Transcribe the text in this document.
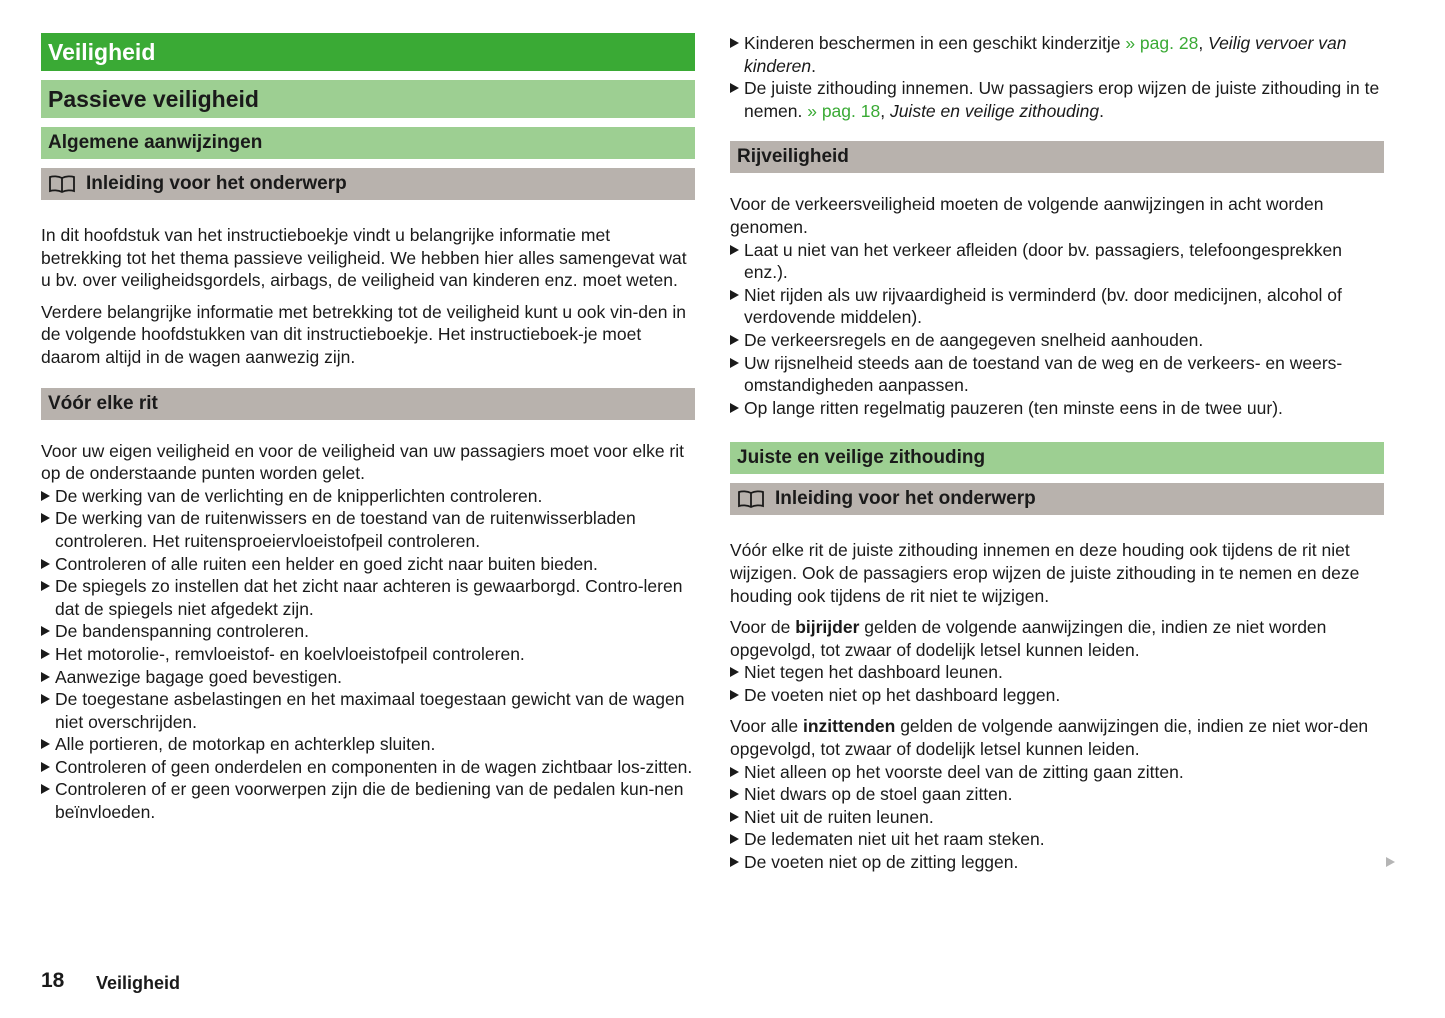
Veiligheid
Passieve veiligheid
Algemene aanwijzingen
Inleiding voor het onderwerp

In dit hoofdstuk van het instructieboekje vindt u belangrijke informatie met betrekking tot het thema passieve veiligheid. We hebben hier alles samengevat wat u bv. over veiligheidsgordels, airbags, de veiligheid van kinderen enz. moet weten.

Verdere belangrijke informatie met betrekking tot de veiligheid kunt u ook vin-den in de volgende hoofdstukken van dit instructieboekje. Het instructieboek-je moet daarom altijd in de wagen aanwezig zijn.

Vóór elke rit

Voor uw eigen veiligheid en voor de veiligheid van uw passagiers moet voor elke rit op de onderstaande punten worden gelet.

De werking van de verlichting en de knipperlichten controleren.
De werking van de ruitenwissers en de toestand van de ruitenwisserbladen controleren. Het ruitensproeiervloeistofpeil controleren.
Controleren of alle ruiten een helder en goed zicht naar buiten bieden.
De spiegels zo instellen dat het zicht naar achteren is gewaarborgd. Contro-leren dat de spiegels niet afgedekt zijn.
De bandenspanning controleren.
Het motorolie-, remvloeistof- en koelvloeistofpeil controleren.
Aanwezige bagage goed bevestigen.
De toegestane asbelastingen en het maximaal toegestaan gewicht van de wagen niet overschrijden.
Alle portieren, de motorkap en achterklep sluiten.
Controleren of geen onderdelen en componenten in de wagen zichtbaar los-zitten.
Controleren of er geen voorwerpen zijn die de bediening van de pedalen kun-nen beïnvloeden.
Kinderen beschermen in een geschikt kinderzitje » pag. 28, Veilig vervoer van kinderen.
De juiste zithouding innemen. Uw passagiers erop wijzen de juiste zithouding in te nemen. » pag. 18, Juiste en veilige zithouding.
Rijveiligheid

Voor de verkeersveiligheid moeten de volgende aanwijzingen in acht worden genomen.

Laat u niet van het verkeer afleiden (door bv. passagiers, telefoongesprekken enz.).
Niet rijden als uw rijvaardigheid is verminderd (bv. door medicijnen, alcohol of verdovende middelen).
De verkeersregels en de aangegeven snelheid aanhouden.
Uw rijsnelheid steeds aan de toestand van de weg en de verkeers- en weers-omstandigheden aanpassen.
Op lange ritten regelmatig pauzeren (ten minste eens in de twee uur).
Juiste en veilige zithouding
Inleiding voor het onderwerp

Vóór elke rit de juiste zithouding innemen en deze houding ook tijdens de rit niet wijzigen. Ook de passagiers erop wijzen de juiste zithouding in te nemen en deze houding ook tijdens de rit niet te wijzigen.

Voor de bijrijder gelden de volgende aanwijzingen die, indien ze niet worden opgevolgd, tot zwaar of dodelijk letsel kunnen leiden.

Niet tegen het dashboard leunen.
De voeten niet op het dashboard leggen.

Voor alle inzittenden gelden de volgende aanwijzingen die, indien ze niet wor-den opgevolgd, tot zwaar of dodelijk letsel kunnen leiden.

Niet alleen op het voorste deel van de zitting gaan zitten.
Niet dwars op de stoel gaan zitten.
Niet uit de ruiten leunen.
De ledematen niet uit het raam steken.
De voeten niet op de zitting leggen.
18 Veiligheid
